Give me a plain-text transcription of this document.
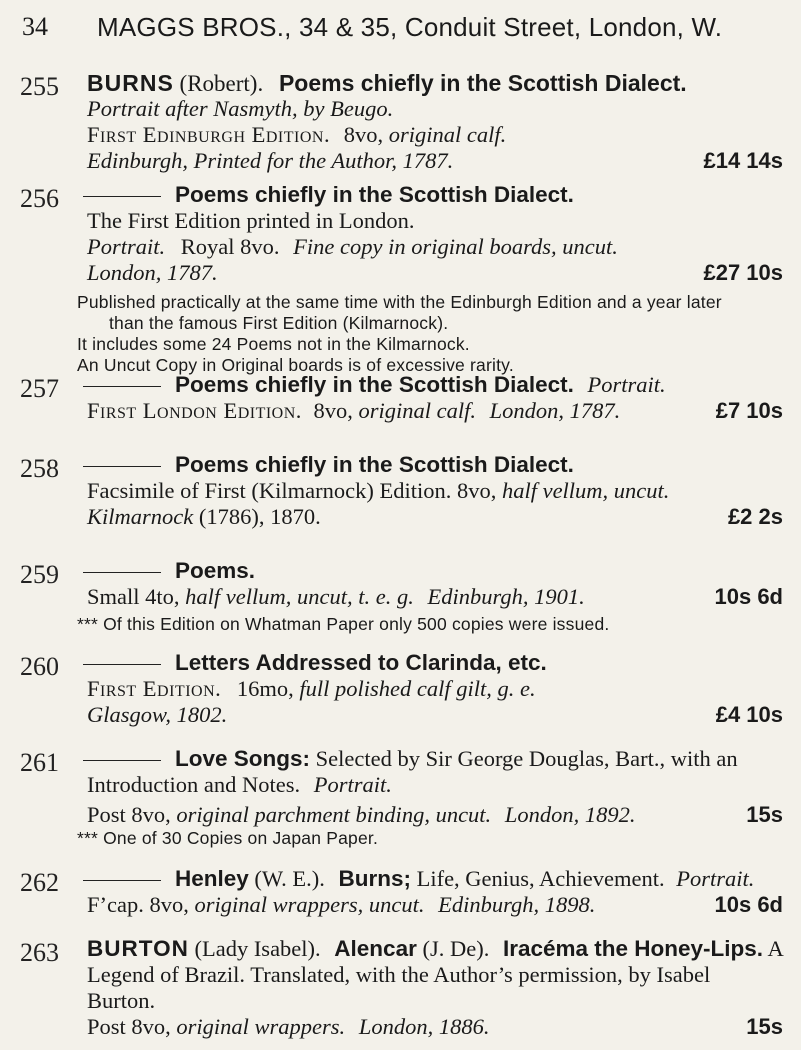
34 MAGGS BROS., 34 & 35, Conduit Street, London, W.
255 BURNS (Robert). Poems chiefly in the Scottish Dialect.
Portrait after Nasmyth, by Beugo.
First Edinburgh Edition. 8vo, original calf.
Edinburgh, Printed for the Author, 1787.	£14 14s
256	Poems chiefly in the Scottish Dialect.
The First Edition printed in London.
Portrait. Royal 8vo. Fine copy in original boards, uncut.
London, 1787.	£27 10s
Published practically at the same time with the Edinburgh Edition and a year later
than the famous First Edition (Kilmarnock).
It includes some 24 Poems not in the Kilmarnock.
An Uncut Copy in Original boards is of excessive rarity.
257	Poems chiefly in the Scottish Dialect. Portrait.
First London Edition. 8vo, original calf. London, 1787.	£7 10s
258	Poems chiefly in the Scottish Dialect.
Facsimile of First (Kilmarnock) Edition. 8vo, half vellum, uncut.
Kilmarnock (1786), 1870.	£2 2s
259	Poems.
Small 4to, half vellum, uncut, t. e. g. Edinburgh, 1901.	10s 6d
*** Of this Edition on Whatman Paper only 500 copies were issued.
260	Letters Addressed to Clarinda, etc.
First Edition. 16mo, full polished calf gilt, g. e.
Glasgow, 1802.	£4 10s
261	Love Songs: Selected by Sir George Douglas, Bart., with an
Introduction and Notes. Portrait.
Post 8vo, original parchment binding, uncut. London, 1892.	15s
*** One of 30 Copies on Japan Paper.
262	Henley (W. E.). Burns; Life, Genius, Achievement. Portrait.
F’cap. 8vo, original wrappers, uncut. Edinburgh, 1898.	10s 6d
263 BURTON (Lady Isabel). Alencar (J. De). Iracéma the Honey-Lips. A
Legend of Brazil. Translated, with the Author’s permission, by Isabel
Burton.
Post 8vo, original wrappers. London, 1886.	15s
